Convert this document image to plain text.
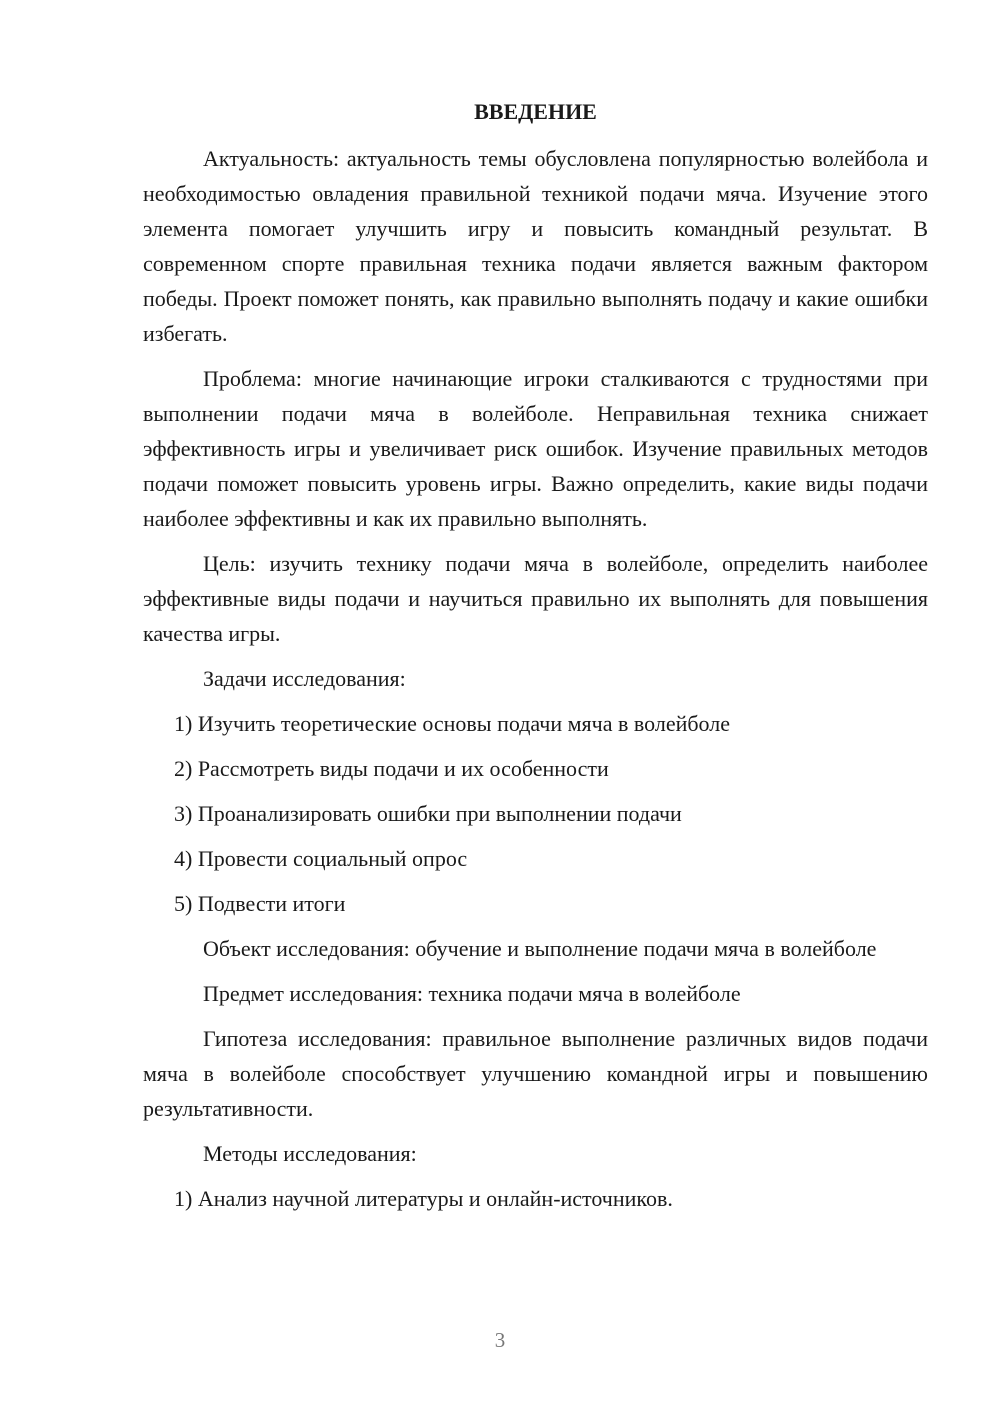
ВВЕДЕНИЕ

Актуальность: актуальность темы обусловлена популярностью волейбола и необходимостью овладения правильной техникой подачи мяча. Изучение этого элемента помогает улучшить игру и повысить командный результат. В современном спорте правильная техника подачи является важным фактором победы. Проект поможет понять, как правильно выполнять подачу и какие ошибки избегать.

Проблема: многие начинающие игроки сталкиваются с трудностями при выполнении подачи мяча в волейболе. Неправильная техника снижает эффективность игры и увеличивает риск ошибок. Изучение правильных методов подачи поможет повысить уровень игры. Важно определить, какие виды подачи наиболее эффективны и как их правильно выполнять.

Цель: изучить технику подачи мяча в волейболе, определить наиболее эффективные виды подачи и научиться правильно их выполнять для повышения качества игры.

Задачи исследования:

1) Изучить теоретические основы подачи мяча в волейболе
2) Рассмотреть виды подачи и их особенности
3) Проанализировать ошибки при выполнении подачи
4) Провести социальный опрос
5) Подвести итоги

Объект исследования: обучение и выполнение подачи мяча в волейболе

Предмет исследования: техника подачи мяча в волейболе

Гипотеза исследования: правильное выполнение различных видов подачи мяча в волейболе способствует улучшению командной игры и повышению результативности.

Методы исследования:

1) Анализ научной литературы и онлайн-источников.
3
